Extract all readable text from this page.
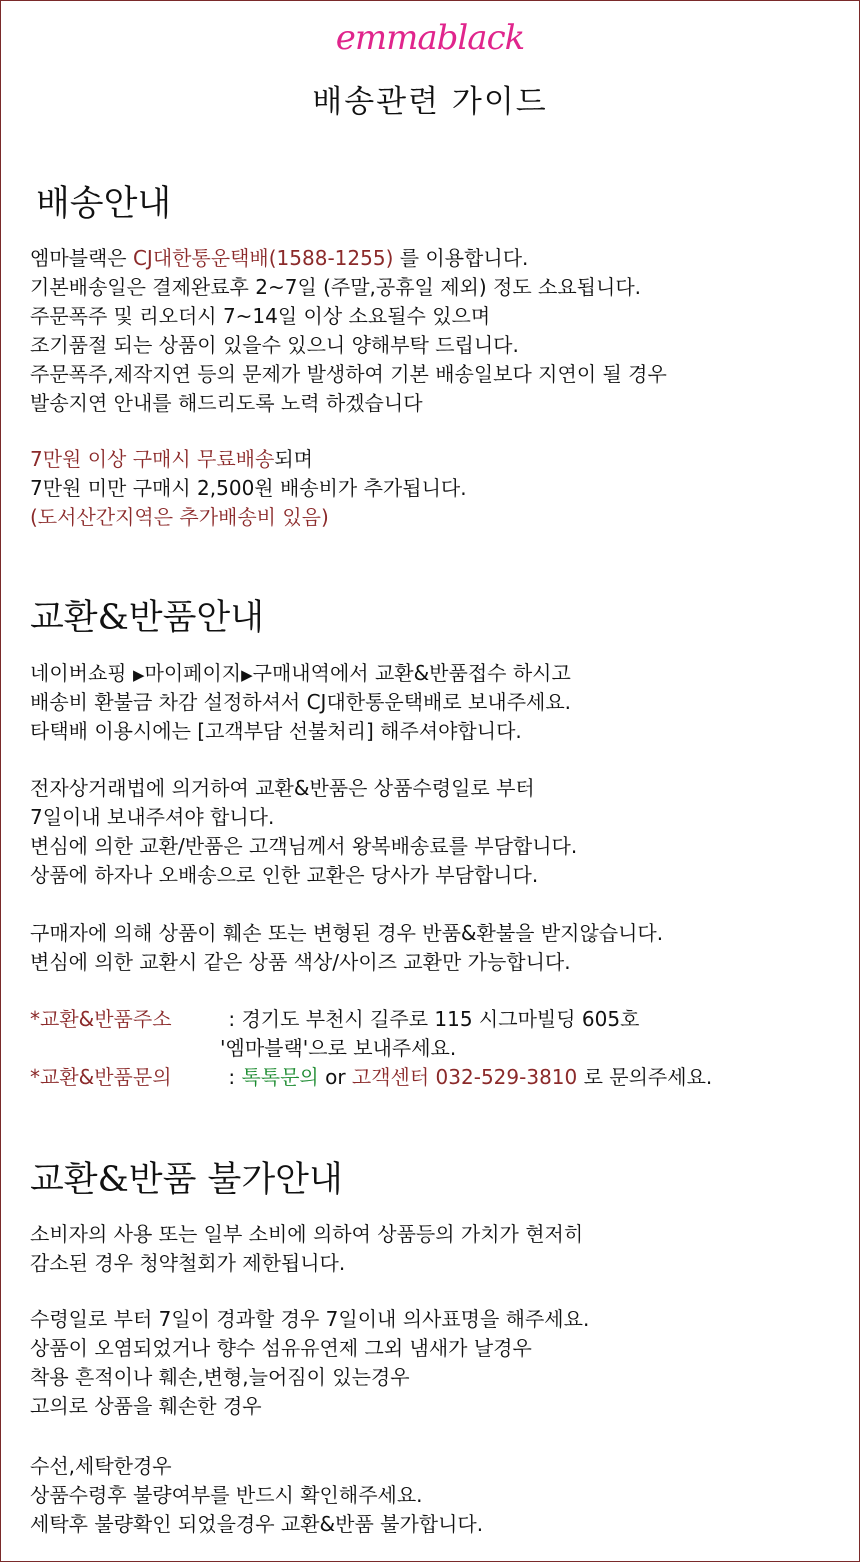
emmablack
배송관련 가이드
배송안내
엠마블랙은 CJ대한통운택배(1588-1255) 를 이용합니다.
기본배송일은 결제완료후 2~7일 (주말,공휴일 제외) 정도 소요됩니다.
주문폭주 및 리오더시 7~14일 이상 소요될수 있으며
조기품절 되는 상품이 있을수 있으니 양해부탁 드립니다.
주문폭주,제작지연 등의 문제가 발생하여 기본 배송일보다 지연이 될 경우
발송지연 안내를 해드리도록 노력 하겠습니다
7만원 이상 구매시 무료배송되며
7만원 미만 구매시 2,500원 배송비가 추가됩니다.
(도서산간지역은 추가배송비 있음)
교환&반품안내
네이버쇼핑 ▶마이페이지▶구매내역에서 교환&반품접수 하시고
배송비 환불금 차감 설정하셔서 CJ대한통운택배로 보내주세요.
타택배 이용시에는 [고객부담 선불처리] 해주셔야합니다.
전자상거래법에 의거하여 교환&반품은 상품수령일로 부터
7일이내 보내주셔야 합니다.
변심에 의한 교환/반품은 고객님께서 왕복배송료를 부담합니다.
상품에 하자나 오배송으로 인한 교환은 당사가 부담합니다.
구매자에 의해 상품이 훼손 또는 변형된 경우 반품&환불을 받지않습니다.
변심에 의한 교환시 같은 상품 색상/사이즈 교환만 가능합니다.
*교환&반품주소	: 경기도 부천시 길주로 115 시그마빌딩 605호
'엠마블랙'으로 보내주세요.
*교환&반품문의	: 톡톡문의 or 고객센터 032-529-3810 로 문의주세요.
교환&반품 불가안내
소비자의 사용 또는 일부 소비에 의하여 상품등의 가치가 현저히
감소된 경우 청약철회가 제한됩니다.
수령일로 부터 7일이 경과할 경우 7일이내 의사표명을 해주세요.
상품이 오염되었거나 향수 섬유유연제 그외 냄새가 날경우
착용 흔적이나 훼손,변형,늘어짐이 있는경우
고의로 상품을 훼손한 경우
수선,세탁한경우
상품수령후 불량여부를 반드시 확인해주세요.
세탁후 불량확인 되었을경우 교환&반품 불가합니다.
